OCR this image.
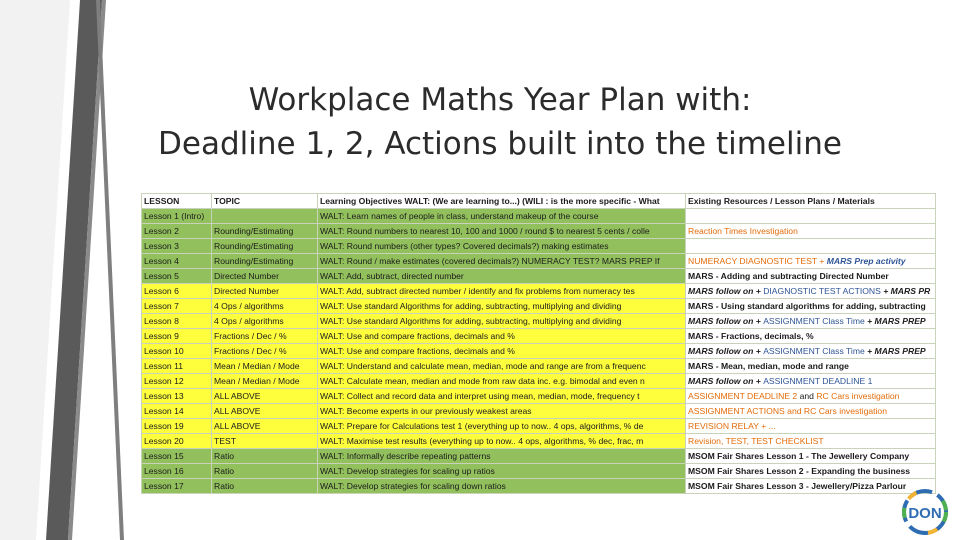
Workplace Maths Year Plan with:
Deadline 1, 2, Actions built into the timeline
LESSON	TOPIC	Learning Objectives WALT: (We are learning to...) (WILI : is the more specific - What	Existing Resources / Lesson Plans / Materials
Lesson 1 (Intro)		WALT: Learn names of people in class, understand makeup of the course	
Lesson 2	Rounding/Estimating	WALT: Round numbers to nearest 10, 100 and 1000 / round $ to nearest 5 cents / colle	Reaction Times Investigation
Lesson 3	Rounding/Estimating	WALT: Round numbers (other types? Covered decimals?) making estimates	
Lesson 4	Rounding/Estimating	WALT: Round / make estimates (covered decimals?) NUMERACY TEST? MARS PREP If	NUMERACY DIAGNOSTIC TEST + MARS Prep activity
Lesson 5	Directed Number	WALT: Add, subtract, directed number	MARS - Adding and subtracting Directed Number
Lesson 6	Directed Number	WALT: Add, subtract directed number / identify and fix problems from numeracy tes	MARS follow on + DIAGNOSTIC TEST ACTIONS + MARS PR
Lesson 7	4 Ops / algorithms	WALT: Use standard Algorithms for adding, subtracting, multiplying and dividing	MARS - Using standard algorithms for adding, subtracting
Lesson 8	4 Ops / algorithms	WALT: Use standard Algorithms for adding, subtracting, multiplying and dividing	MARS follow on + ASSIGNMENT Class Time + MARS PREP
Lesson 9	Fractions / Dec / %	WALT: Use and compare fractions, decimals and %	MARS - Fractions, decimals, %
Lesson 10	Fractions / Dec / %	WALT: Use and compare fractions, decimals and %	MARS follow on + ASSIGNMENT Class Time + MARS PREP
Lesson 11	Mean / Median / Mode	WALT: Understand and calculate mean, median, mode and range are from a frequenc	MARS - Mean, median, mode and range
Lesson 12	Mean / Median / Mode	WALT: Calculate mean, median and mode from raw data inc. e.g. bimodal and even n	MARS follow on + ASSIGNMENT DEADLINE 1
Lesson 13	ALL ABOVE	WALT: Collect and record data and interpret using mean, median, mode, frequency t	ASSIGNMENT DEADLINE 2 and RC Cars investigation
Lesson 14	ALL ABOVE	WALT: Become experts in our previously weakest areas	ASSIGNMENT ACTIONS and RC Cars investigation
Lesson 19	ALL ABOVE	WALT: Prepare for Calculations test 1 (everything up to now.. 4 ops, algorithms, % de	REVISION RELAY + ...
Lesson 20	TEST	WALT: Maximise test results (everything up to now.. 4 ops, algorithms, % dec, frac, m	Revision, TEST, TEST CHECKLIST
Lesson 15	Ratio	WALT: Informally describe repeating patterns	MSOM Fair Shares Lesson 1 - The Jewellery Company
Lesson 16	Ratio	WALT: Develop strategies for scaling up ratios	MSOM Fair Shares Lesson 2 - Expanding the business
Lesson 17	Ratio	WALT: Develop strategies for scaling down ratios	MSOM Fair Shares Lesson 3 - Jewellery/Pizza Parlour
DON
